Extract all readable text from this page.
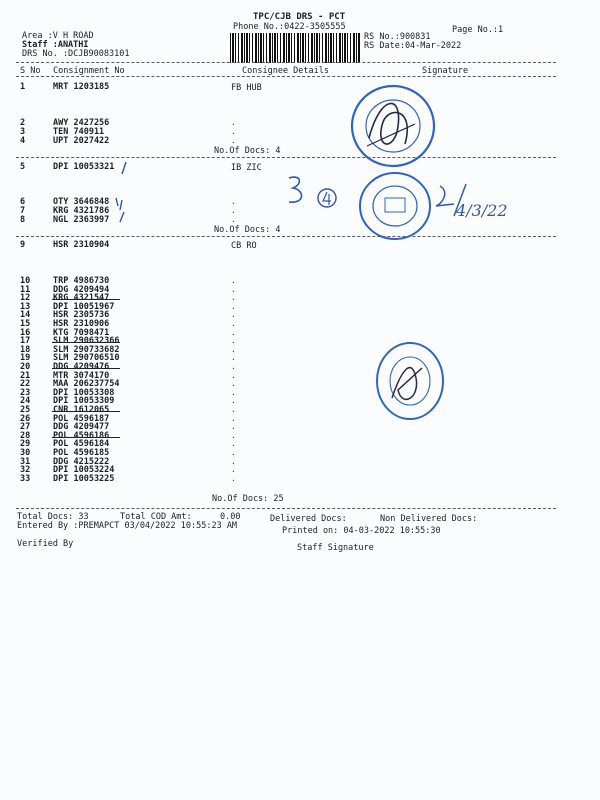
TPC/CJB DRS - PCT
Phone No.:0422-3505555	Page No.:1
Area :V H ROAD
Staff :ANATHI
DRS No. :DCJB90083101
RS No.:900831
RS Date:04-Mar-2022
S No Consignment No	Consignee Details	Signature
1	MRT 1203185	FB HUB
2	AWY 2427256
3	TEN 740911
4	UPT 2027422
.
.
.
No.Of Docs: 4
5	DPI 10053321	IB ZIC
6	OTY 3646848
7	KRG 4321786
8	NGL 2363997
.
.
.
No.Of Docs: 4
9	HSR 2310904	CB RO
10	TRP 4986730	.
11	DDG 4209494	.
12	KRG 4321547	.
13	DPI 10051967	.
14	HSR 2305736	.
15	HSR 2310906	.
16	KTG 7098471	.
17	SLM 290632366	.
18	SLM 290733682	.
19	SLM 290706510	.
20	DDG 4209476	.
21	MTR 3074170	.
22	MAA 206237754	.
23	DPI 10053308	.
24	DPI 10053309	.
25	CNR 1612065	.
26	POL 4596187	.
27	DDG 4209477	.
28	POL 4596186	.
29	POL 4596184	.
30	POL 4596185	.
31	DDG 4215222	.
32	DPI 10053224	.
33	DPI 10053225	.
No.Of Docs: 25
Total Docs: 33	Total COD Amt:	0.00	Delivered Docs:	Non Delivered Docs:
Entered By :PREMAPCT 03/04/2022 10:55:23 AM	Printed on: 04-03-2022 10:55:30
Verified By	Staff Signature
4/3/22
